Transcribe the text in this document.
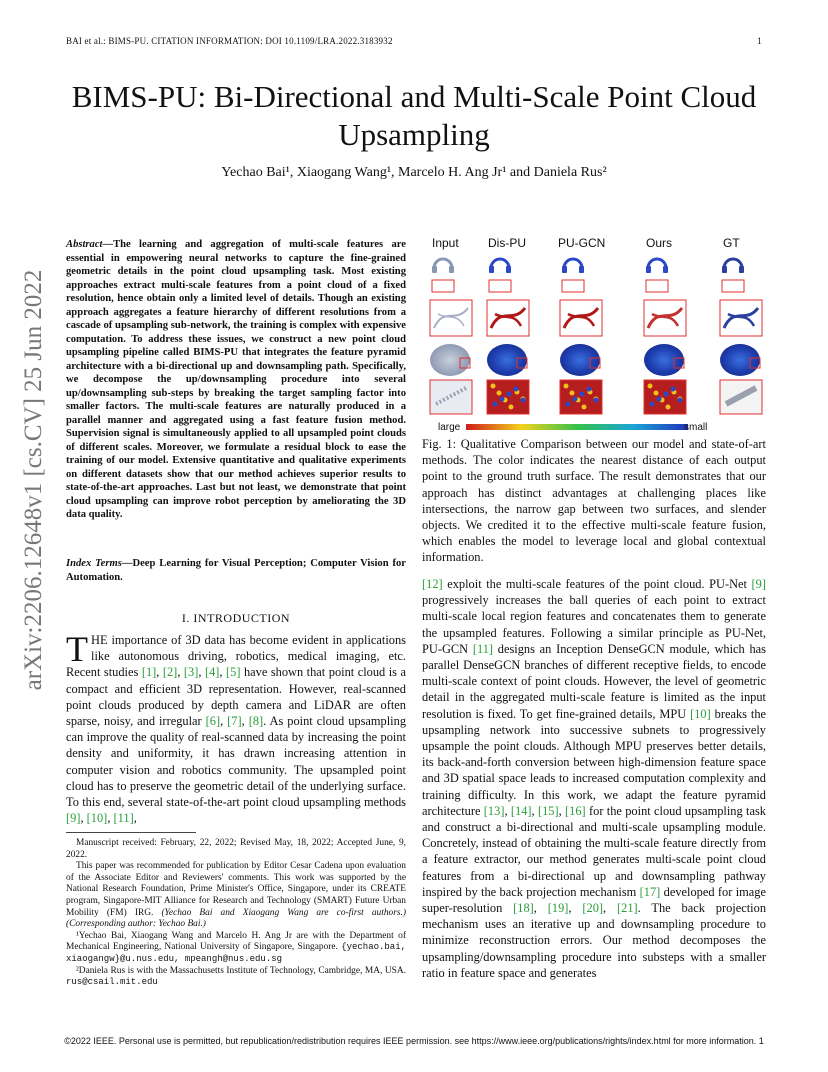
BAI et al.: BIMS-PU. CITATION INFORMATION: DOI 10.1109/LRA.2022.3183932	1
BIMS-PU: Bi-Directional and Multi-Scale Point Cloud Upsampling
Yechao Bai¹, Xiaogang Wang¹, Marcelo H. Ang Jr¹ and Daniela Rus²
arXiv:2206.12648v1 [cs.CV] 25 Jun 2022
Abstract—The learning and aggregation of multi-scale features are essential in empowering neural networks to capture the fine-grained geometric details in the point cloud upsampling task. Most existing approaches extract multi-scale features from a point cloud of a fixed resolution, hence obtain only a limited level of details. Though an existing approach aggregates a feature hierarchy of different resolutions from a cascade of upsampling sub-network, the training is complex with expensive computation. To address these issues, we construct a new point cloud upsampling pipeline called BIMS-PU that integrates the feature pyramid architecture with a bi-directional up and downsampling path. Specifically, we decompose the up/downsampling procedure into several up/downsampling sub-steps by breaking the target sampling factor into smaller factors. The multi-scale features are naturally produced in a parallel manner and aggregated using a fast feature fusion method. Supervision signal is simultaneously applied to all upsampled point clouds of different scales. Moreover, we formulate a residual block to ease the training of our model. Extensive quantitative and qualitative experiments on different datasets show that our method achieves superior results to state-of-the-art approaches. Last but not least, we demonstrate that point cloud upsampling can improve robot perception by ameliorating the 3D data quality.
Index Terms—Deep Learning for Visual Perception; Computer Vision for Automation.
I. INTRODUCTION
THE importance of 3D data has become evident in applications like autonomous driving, robotics, medical imaging, etc. Recent studies [1], [2], [3], [4], [5] have shown that point cloud is a compact and efficient 3D representation. However, real-scanned point clouds produced by depth camera and LiDAR are often sparse, noisy, and irregular [6], [7], [8]. As point cloud upsampling can improve the quality of real-scanned data by increasing the point density and uniformity, it has drawn increasing attention in computer vision and robotics community. The upsampled point cloud has to preserve the geometric detail of the underlying surface. To this end, several state-of-the-art point cloud upsampling methods [9], [10], [11],

Manuscript received: February, 22, 2022; Revised May, 18, 2022; Accepted June, 9, 2022.

This paper was recommended for publication by Editor Cesar Cadena upon evaluation of the Associate Editor and Reviewers' comments. This work was supported by the National Research Foundation, Prime Minister's Office, Singapore, under its CREATE program, Singapore-MIT Alliance for Research and Technology (SMART) Future Urban Mobility (FM) IRG. (Yechao Bai and Xiaogang Wang are co-first authors.)(Corresponding author: Yechao Bai.)

¹Yechao Bai, Xiaogang Wang and Marcelo H. Ang Jr are with the Department of Mechanical Engineering, National University of Singapore, Singapore. {yechao.bai, xiaogangw}@u.nus.edu, mpeangh@nus.edu.sg

²Daniela Rus is with the Massachusetts Institute of Technology, Cambridge, MA, USA. rus@csail.mit.edu

Input Dis-PU	PU-GCN	Ours	GT
large	small
Fig. 1: Qualitative Comparison between our model and state-of-art methods. The color indicates the nearest distance of each output point to the ground truth surface. The result demonstrates that our approach has distinct advantages at challenging places like intersections, the narrow gap between two surfaces, and slender objects. We credited it to the effective multi-scale feature fusion, which enables the model to leverage local and global contextual information.
[12] exploit the multi-scale features of the point cloud. PU-Net [9] progressively increases the ball queries of each point to extract multi-scale local region features and concatenates them to generate the upsampled features. Following a similar principle as PU-Net, PU-GCN [11] designs an Inception DenseGCN module, which has parallel DenseGCN branches of different receptive fields, to encode multi-scale context of point clouds. However, the level of geometric detail in the aggregated multi-scale feature is limited as the input resolution is fixed. To get fine-grained details, MPU [10] breaks the upsampling network into successive subnets to progressively upsample the point clouds. Although MPU preserves better details, its back-and-forth conversion between high-dimension feature space and 3D spatial space leads to increased computation complexity and training difficulty. In this work, we adapt the feature pyramid architecture [13], [14], [15], [16] for the point cloud upsampling task and construct a bi-directional and multi-scale upsampling module. Concretely, instead of obtaining the multi-scale feature directly from a feature extractor, our method generates multi-scale point cloud features from a bi-directional up and downsampling pathway inspired by the back projection mechanism [17] developed for image super-resolution [18], [19], [20], [21]. The back projection mechanism uses an iterative up and downsampling procedure to minimize reconstruction errors. Our method decomposes the upsampling/downsampling procedure into substeps with a smaller ratio in feature space and generates
©2022 IEEE. Personal use is permitted, but republication/redistribution requires IEEE permission. see https://www.ieee.org/publications/rights/index.html for more information. 1
